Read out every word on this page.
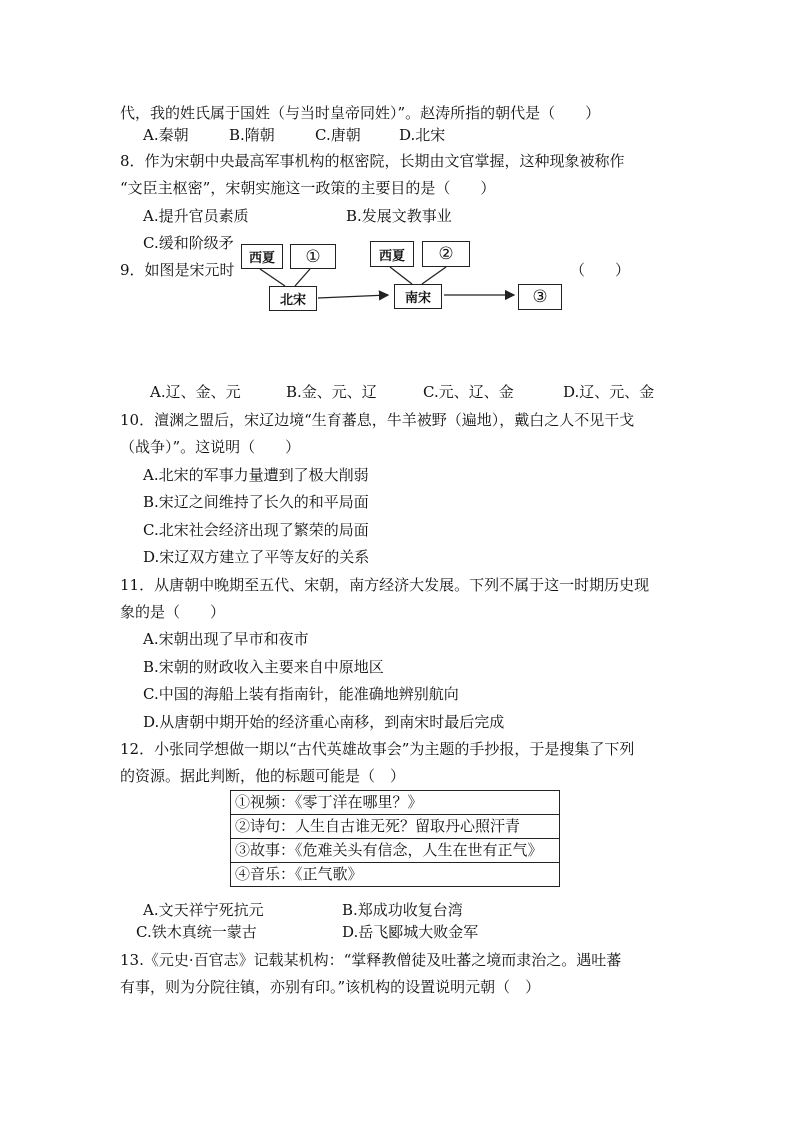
代，我的姓氏属于国姓（与当时皇帝同姓）”。赵涛所指的朝代是（　　）
A.秦朝	B.隋朝	C.唐朝	D.北宋
8．作为宋朝中央最高军事机构的枢密院，长期由文官掌握，这种现象被称作
“文臣主枢密”，宋朝实施这一政策的主要目的是（　　）
A.提升官员素质	B.发展文教事业
C.缓和阶级矛
9．如图是宋元时	（　　）
西夏	①
北宋
西夏	②
南宋	③
A.辽、金、元	B.金、元、辽	C.元、辽、金	D.辽、元、金
10．澶渊之盟后，宋辽边境“生育蕃息，牛羊被野（遍地），戴白之人不见干戈
（战争）”。这说明（　　）
A.北宋的军事力量遭到了极大削弱
B.宋辽之间维持了长久的和平局面
C.北宋社会经济出现了繁荣的局面
D.宋辽双方建立了平等友好的关系
11．从唐朝中晚期至五代、宋朝，南方经济大发展。下列不属于这一时期历史现
象的是（　　）
A.宋朝出现了早市和夜市
B.宋朝的财政收入主要来自中原地区
C.中国的海船上装有指南针，能准确地辨别航向
D.从唐朝中期开始的经济重心南移，到南宋时最后完成
12．小张同学想做一期以“古代英雄故事会”为主题的手抄报，于是搜集了下列
的资源。据此判断，他的标题可能是（　）
①视频：《零丁洋在哪里？》
②诗句：人生自古谁无死？留取丹心照汗青
③故事：《危难关头有信念，人生在世有正气》
④音乐：《正气歌》
A.文天祥宁死抗元	B.郑成功收复台湾
C.铁木真统一蒙古	D.岳飞郾城大败金军
13.《元史·百官志》记载某机构：“掌释教僧徒及吐蕃之境而隶治之。遇吐蕃
有事，则为分院往镇，亦别有印。”该机构的设置说明元朝（　）
